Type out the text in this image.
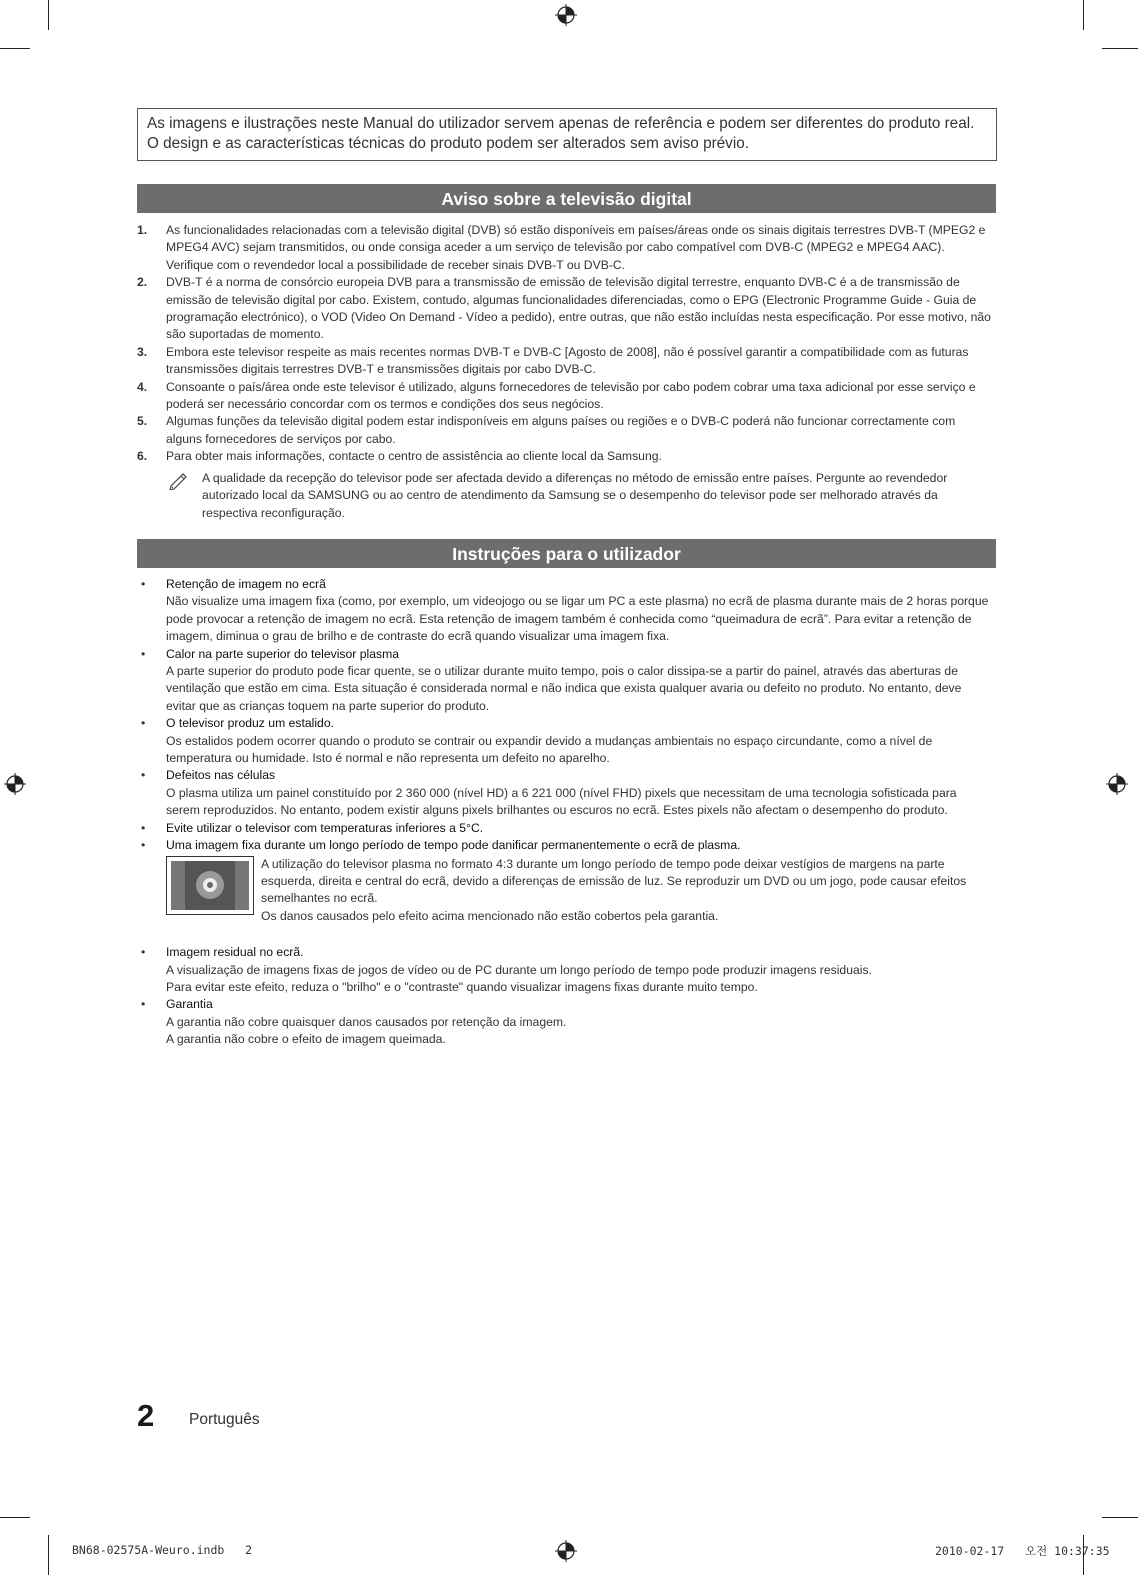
As imagens e ilustrações neste Manual do utilizador servem apenas de referência e podem ser diferentes do produto real. O design e as características técnicas do produto podem ser alterados sem aviso prévio.
Aviso sobre a televisão digital
1. As funcionalidades relacionadas com a televisão digital (DVB) só estão disponíveis em países/áreas onde os sinais digitais terrestres DVB-T (MPEG2 e MPEG4 AVC) sejam transmitidos, ou onde consiga aceder a um serviço de televisão por cabo compatível com DVB-C (MPEG2 e MPEG4 AAC). Verifique com o revendedor local a possibilidade de receber sinais DVB-T ou DVB-C.
2. DVB-T é a norma de consórcio europeia DVB para a transmissão de emissão de televisão digital terrestre, enquanto DVB-C é a de transmissão de emissão de televisão digital por cabo. Existem, contudo, algumas funcionalidades diferenciadas, como o EPG (Electronic Programme Guide - Guia de programação electrónico), o VOD (Video On Demand - Vídeo a pedido), entre outras, que não estão incluídas nesta especificação. Por esse motivo, não são suportadas de momento.
3. Embora este televisor respeite as mais recentes normas DVB-T e DVB-C [Agosto de 2008], não é possível garantir a compatibilidade com as futuras transmissões digitais terrestres DVB-T e transmissões digitais por cabo DVB-C.
4. Consoante o país/área onde este televisor é utilizado, alguns fornecedores de televisão por cabo podem cobrar uma taxa adicional por esse serviço e poderá ser necessário concordar com os termos e condições dos seus negócios.
5. Algumas funções da televisão digital podem estar indisponíveis em alguns países ou regiões e o DVB-C poderá não funcionar correctamente com alguns fornecedores de serviços por cabo.
6. Para obter mais informações, contacte o centro de assistência ao cliente local da Samsung.
A qualidade da recepção do televisor pode ser afectada devido a diferenças no método de emissão entre países. Pergunte ao revendedor autorizado local da SAMSUNG ou ao centro de atendimento da Samsung se o desempenho do televisor pode ser melhorado através da respectiva reconfiguração.
Instruções para o utilizador
• Retenção de imagem no ecrã
Não visualize uma imagem fixa (como, por exemplo, um videojogo ou se ligar um PC a este plasma) no ecrã de plasma durante mais de 2 horas porque pode provocar a retenção de imagem no ecrã. Esta retenção de imagem também é conhecida como “queimadura de ecrã”. Para evitar a retenção de imagem, diminua o grau de brilho e de contraste do ecrã quando visualizar uma imagem fixa.
• Calor na parte superior do televisor plasma
A parte superior do produto pode ficar quente, se o utilizar durante muito tempo, pois o calor dissipa-se a partir do painel, através das aberturas de ventilação que estão em cima. Esta situação é considerada normal e não indica que exista qualquer avaria ou defeito no produto. No entanto, deve evitar que as crianças toquem na parte superior do produto.
• O televisor produz um estalido.
Os estalidos podem ocorrer quando o produto se contrair ou expandir devido a mudanças ambientais no espaço circundante, como a nível de temperatura ou humidade. Isto é normal e não representa um defeito no aparelho.
• Defeitos nas células
O plasma utiliza um painel constituído por 2 360 000 (nível HD) a 6 221 000 (nível FHD) pixels que necessitam de uma tecnologia sofisticada para serem reproduzidos. No entanto, podem existir alguns pixels brilhantes ou escuros no ecrã. Estes pixels não afectam o desempenho do produto.
• Evite utilizar o televisor com temperaturas inferiores a 5°C.
• Uma imagem fixa durante um longo período de tempo pode danificar permanentemente o ecrã de plasma.
A utilização do televisor plasma no formato 4:3 durante um longo período de tempo pode deixar vestígios de margens na parte esquerda, direita e central do ecrã, devido a diferenças de emissão de luz. Se reproduzir um DVD ou um jogo, pode causar efeitos semelhantes no ecrã.
Os danos causados pelo efeito acima mencionado não estão cobertos pela garantia.
• Imagem residual no ecrã.
A visualização de imagens fixas de jogos de vídeo ou de PC durante um longo período de tempo pode produzir imagens residuais.
Para evitar este efeito, reduza o "brilho" e o "contraste" quando visualizar imagens fixas durante muito tempo.
• Garantia
A garantia não cobre quaisquer danos causados por retenção da imagem.
A garantia não cobre o efeito de imagem queimada.
2 Português
BN68-02575A-Weuro.indb   2	2010-02-17   오전 10:37:35
